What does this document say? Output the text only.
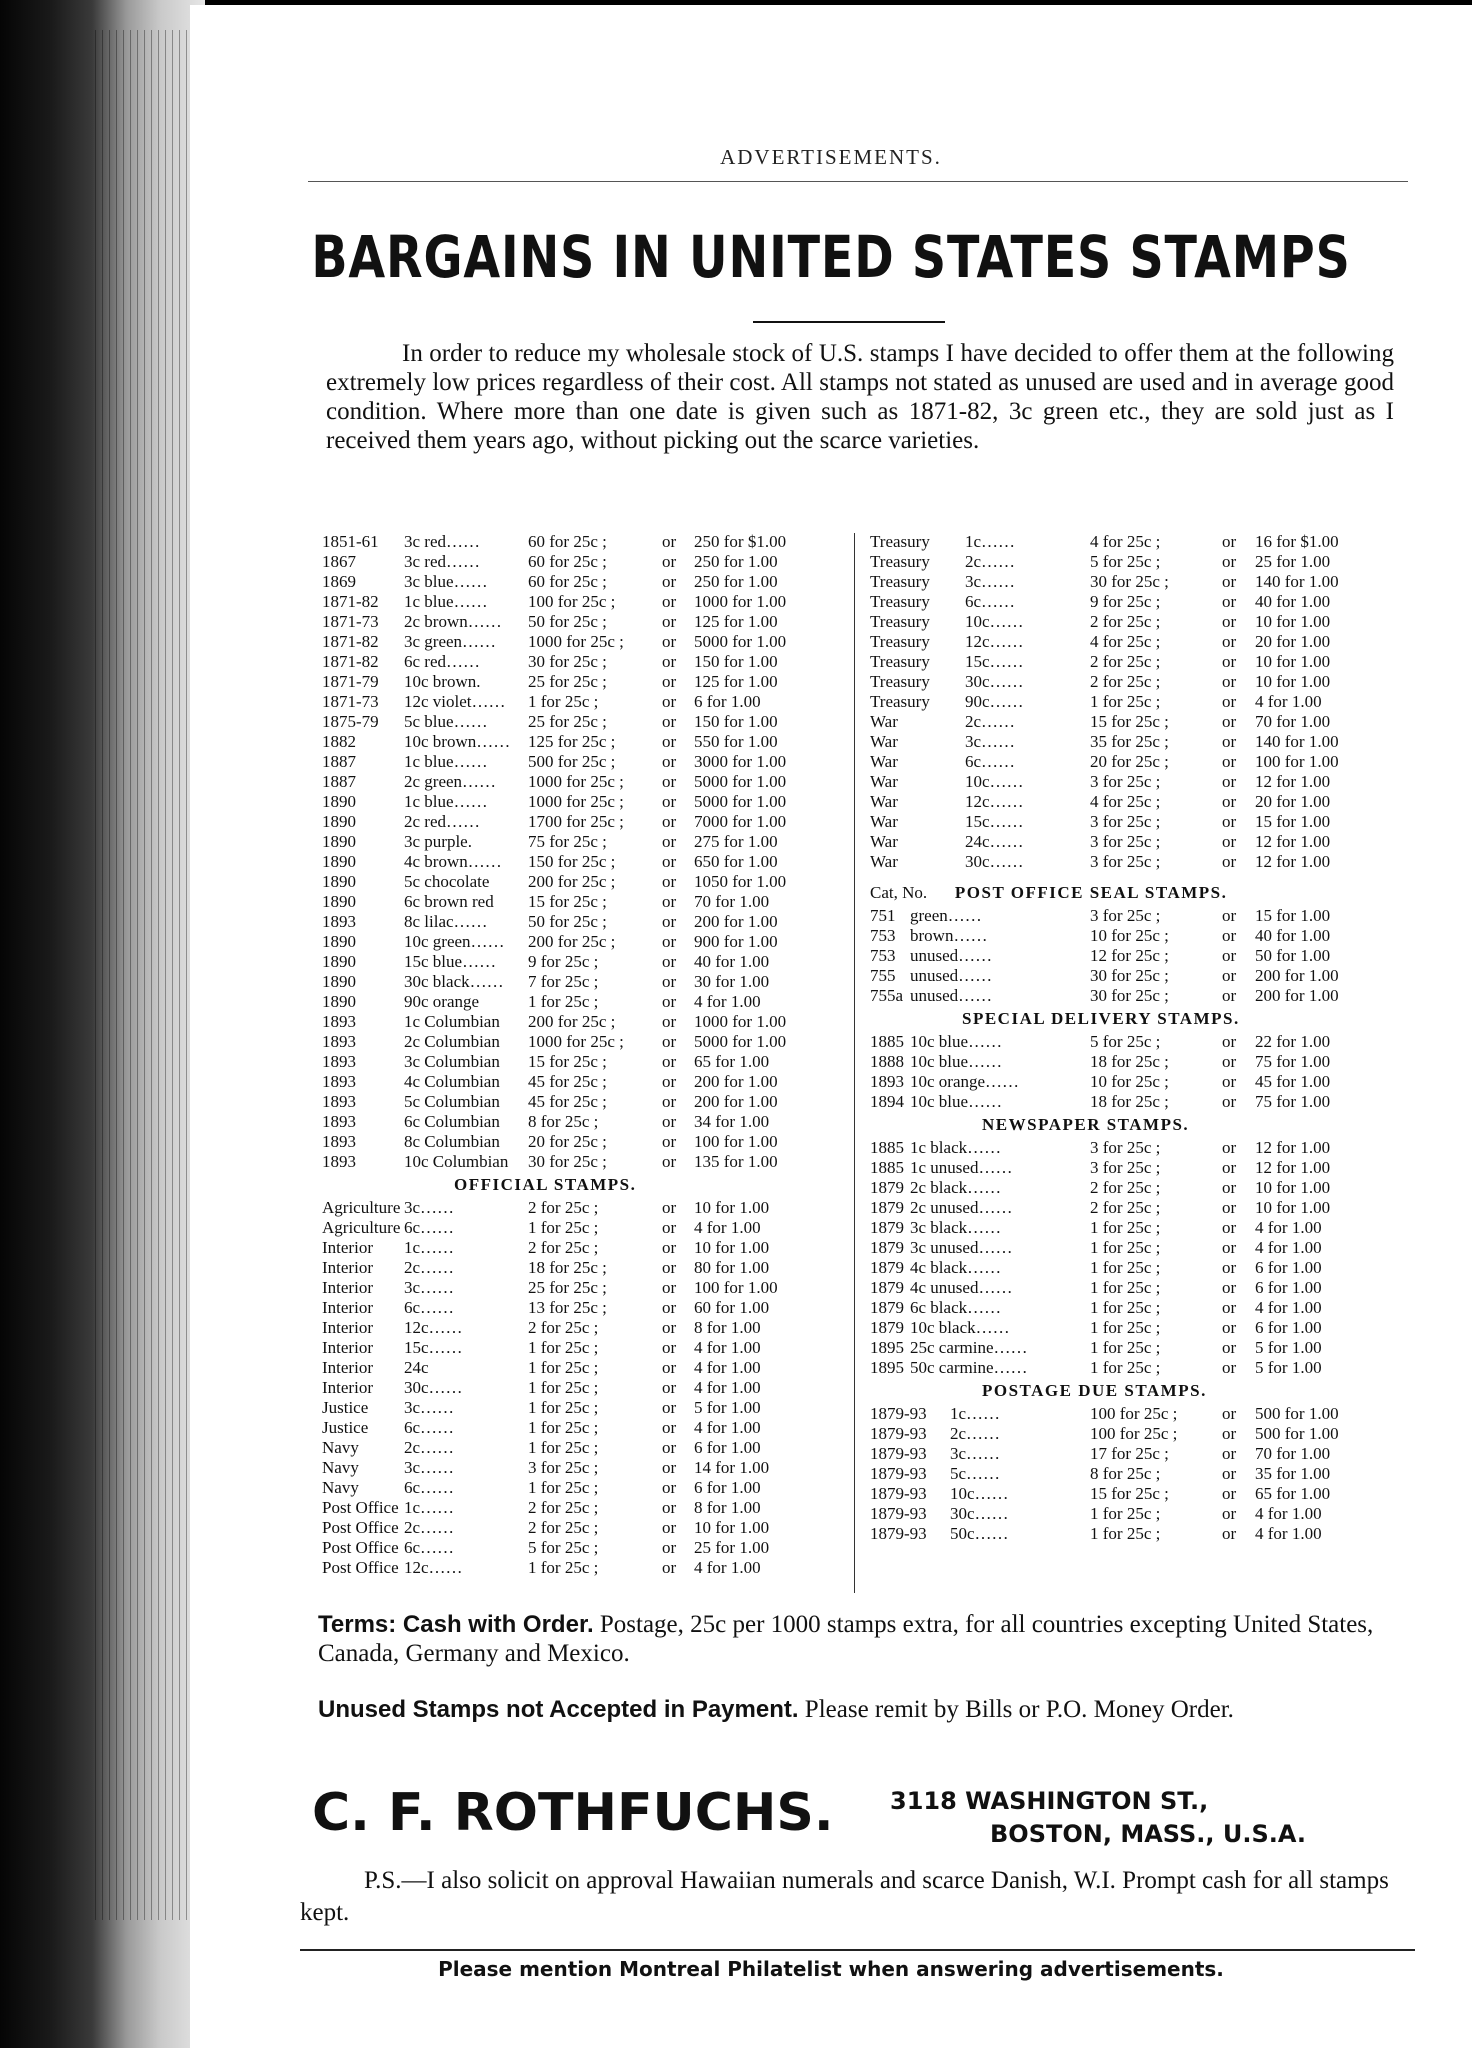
ADVERTISEMENTS.
BARGAINS IN UNITED STATES STAMPS
In order to reduce my wholesale stock of U.S. stamps I have decided to offer them at the following extremely low prices regardless of their cost. All stamps not stated as unused are used and in average good condition. Where more than one date is given such as 1871-82, 3c green etc., they are sold just as I received them years ago, without picking out the scarce varieties.
1851-61 3c red……	60 for 25c ;	or 250 for $1.00
1867	3c red……	60 for 25c ;	or 250 for 1.00
1869	3c blue…… 60 for 25c ;	or 250 for 1.00
1871-82 1c blue…… 100 for 25c ;	or 1000 for 1.00
1871-73 2c brown…… 50 for 25c ;	or 125 for 1.00
1871-82 3c green…… 1000 for 25c ; or 5000 for 1.00
1871-82 6c red……	30 for 25c ;	or 150 for 1.00
1871-79 10c brown.	25 for 25c ;	or 125 for 1.00
1871-73 12c violet…… 1 for 25c ;	or 6 for 1.00
1875-79 5c blue…… 25 for 25c ;	or 150 for 1.00
1882	10c brown…… 125 for 25c ;	or 550 for 1.00
1887	1c blue…… 500 for 25c ;	or 3000 for 1.00
1887	2c green…… 1000 for 25c ; or 5000 for 1.00
1890	1c blue…… 1000 for 25c ; or 5000 for 1.00
1890	2c red……	1700 for 25c ; or 7000 for 1.00
1890	3c purple.	75 for 25c ;	or 275 for 1.00
1890	4c brown…… 150 for 25c ;	or 650 for 1.00
1890	5c chocolate 200 for 25c ;	or 1050 for 1.00
1890	6c brown red 15 for 25c ;	or 70 for 1.00
1893	8c lilac…… 50 for 25c ;	or 200 for 1.00
1890	10c green…… 200 for 25c ;	or 900 for 1.00
1890	15c blue…… 9 for 25c ;	or 40 for 1.00
1890	30c black…… 7 for 25c ;	or 30 for 1.00
1890	90c orange	1 for 25c ;	or 4 for 1.00
1893	1c Columbian 200 for 25c ;	or 1000 for 1.00
1893	2c Columbian 1000 for 25c ; or 5000 for 1.00
1893	3c Columbian 15 for 25c ;	or 65 for 1.00
1893	4c Columbian 45 for 25c ;	or 200 for 1.00
1893	5c Columbian 45 for 25c ;	or 200 for 1.00
1893	6c Columbian 8 for 25c ;	or 34 for 1.00
1893	8c Columbian 20 for 25c ;	or 100 for 1.00
1893	10c Columbian 30 for 25c ;	or 135 for 1.00
OFFICIAL STAMPS.
Agriculture 3c……	2 for 25c ;	or 10 for 1.00
Agriculture 6c……	1 for 25c ;	or 4 for 1.00
Interior 1c……	2 for 25c ;	or 10 for 1.00
Interior 2c……	18 for 25c ;	or 80 for 1.00
Interior 3c……	25 for 25c ;	or 100 for 1.00
Interior 6c……	13 for 25c ;	or 60 for 1.00
Interior 12c……	2 for 25c ;	or 8 for 1.00
Interior 15c……	1 for 25c ;	or 4 for 1.00
Interior 24c	1 for 25c ;	or 4 for 1.00
Interior 30c……	1 for 25c ;	or 4 for 1.00
Justice 3c……	1 for 25c ;	or 5 for 1.00
Justice 6c……	1 for 25c ;	or 4 for 1.00
Navy	2c……	1 for 25c ;	or 6 for 1.00
Navy	3c……	3 for 25c ;	or 14 for 1.00
Navy	6c……	1 for 25c ;	or 6 for 1.00
Post Office 1c……	2 for 25c ;	or 8 for 1.00
Post Office 2c……	2 for 25c ;	or 10 for 1.00
Post Office 6c……	5 for 25c ;	or 25 for 1.00
Post Office 12c……	1 for 25c ;	or 4 for 1.00
Treasury 1c……	4 for 25c ;	or 16 for $1.00
Treasury 2c……	5 for 25c ;	or 25 for 1.00
Treasury 3c……	30 for 25c ;	or 140 for 1.00
Treasury 6c……	9 for 25c ;	or 40 for 1.00
Treasury 10c……	2 for 25c ;	or 10 for 1.00
Treasury 12c……	4 for 25c ;	or 20 for 1.00
Treasury 15c……	2 for 25c ;	or 10 for 1.00
Treasury 30c……	2 for 25c ;	or 10 for 1.00
Treasury 90c……	1 for 25c ;	or 4 for 1.00
War	2c……	15 for 25c ;	or 70 for 1.00
War	3c……	35 for 25c ;	or 140 for 1.00
War	6c……	20 for 25c ;	or 100 for 1.00
War	10c……	3 for 25c ;	or 12 for 1.00
War	12c……	4 for 25c ;	or 20 for 1.00
War	15c……	3 for 25c ;	or 15 for 1.00
War	24c……	3 for 25c ;	or 12 for 1.00
War	30c……	3 for 25c ;	or 12 for 1.00
Cat, No. POST OFFICE SEAL STAMPS.
751 green……	3 for 25c ;	or 15 for 1.00
753 brown……	10 for 25c ;	or 40 for 1.00
753 unused……	12 for 25c ;	or 50 for 1.00
755 unused……	30 for 25c ;	or 200 for 1.00
755a unused……	30 for 25c ;	or 200 for 1.00
SPECIAL DELIVERY STAMPS.
1885 10c blue……	5 for 25c ;	or 22 for 1.00
1888 10c blue……	18 for 25c ;	or 75 for 1.00
1893 10c orange……	10 for 25c ;	or 45 for 1.00
1894 10c blue……	18 for 25c ;	or 75 for 1.00
NEWSPAPER STAMPS.
1885 1c black……	3 for 25c ;	or 12 for 1.00
1885 1c unused……	3 for 25c ;	or 12 for 1.00
1879 2c black……	2 for 25c ;	or 10 for 1.00
1879 2c unused……	2 for 25c ;	or 10 for 1.00
1879 3c black……	1 for 25c ;	or 4 for 1.00
1879 3c unused……	1 for 25c ;	or 4 for 1.00
1879 4c black……	1 for 25c ;	or 6 for 1.00
1879 4c unused……	1 for 25c ;	or 6 for 1.00
1879 6c black……	1 for 25c ;	or 4 for 1.00
1879 10c black……	1 for 25c ;	or 6 for 1.00
1895 25c carmine……	1 for 25c ;	or 5 for 1.00
1895 50c carmine……	1 for 25c ;	or 5 for 1.00
POSTAGE DUE STAMPS.
1879-93 1c……	100 for 25c ;	or 500 for 1.00
1879-93 2c……	100 for 25c ;	or 500 for 1.00
1879-93 3c……	17 for 25c ;	or 70 for 1.00
1879-93 5c……	8 for 25c ;	or 35 for 1.00
1879-93 10c……	15 for 25c ;	or 65 for 1.00
1879-93 30c……	1 for 25c ;	or 4 for 1.00
1879-93 50c……	1 for 25c ;	or 4 for 1.00
Terms: Cash with Order. Postage, 25c per 1000 stamps extra, for all countries excepting United States, Canada, Germany and Mexico.
Unused Stamps not Accepted in Payment. Please remit by Bills or P.O. Money Order.
C. F. ROTHFUCHS. 3118 WASHINGTON ST.,
BOSTON, MASS., U.S.A.
P.S.—I also solicit on approval Hawaiian numerals and scarce Danish, W.I. Prompt cash for all stamps kept.
Please mention Montreal Philatelist when answering advertisements.
